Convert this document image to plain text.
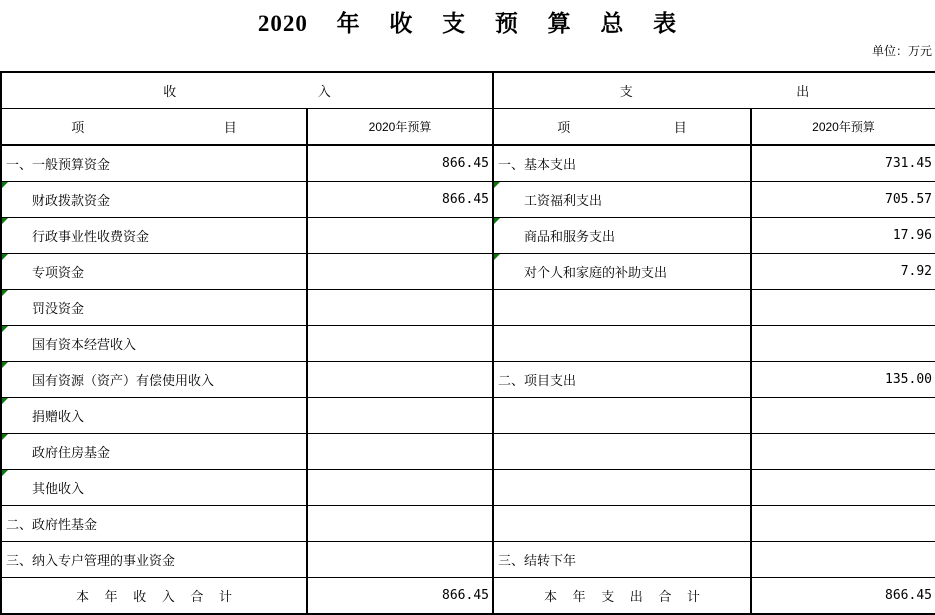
2020 年 收 支 预 算 总 表
单位：万元
收 入		支 出	
项 目	2020年预算	项 目	2020年预算
一、一般预算资金	866.45	一、基本支出	731.45

财政拨款资金	866.45	工资福利支出	705.57

行政事业性收费资金		商品和服务支出	17.96

专项资金		对个人和家庭的补助支出	7.92

罚没资金			

国有资本经营收入			

国有资源（资产）有偿使用收入		二、项目支出	135.00

捐赠收入			

政府住房基金			

其他收入			
二、政府性基金			
三、纳入专户管理的事业资金		三、结转下年	
本 年 收 入 合 计	866.45	本 年 支 出 合 计	866.45
